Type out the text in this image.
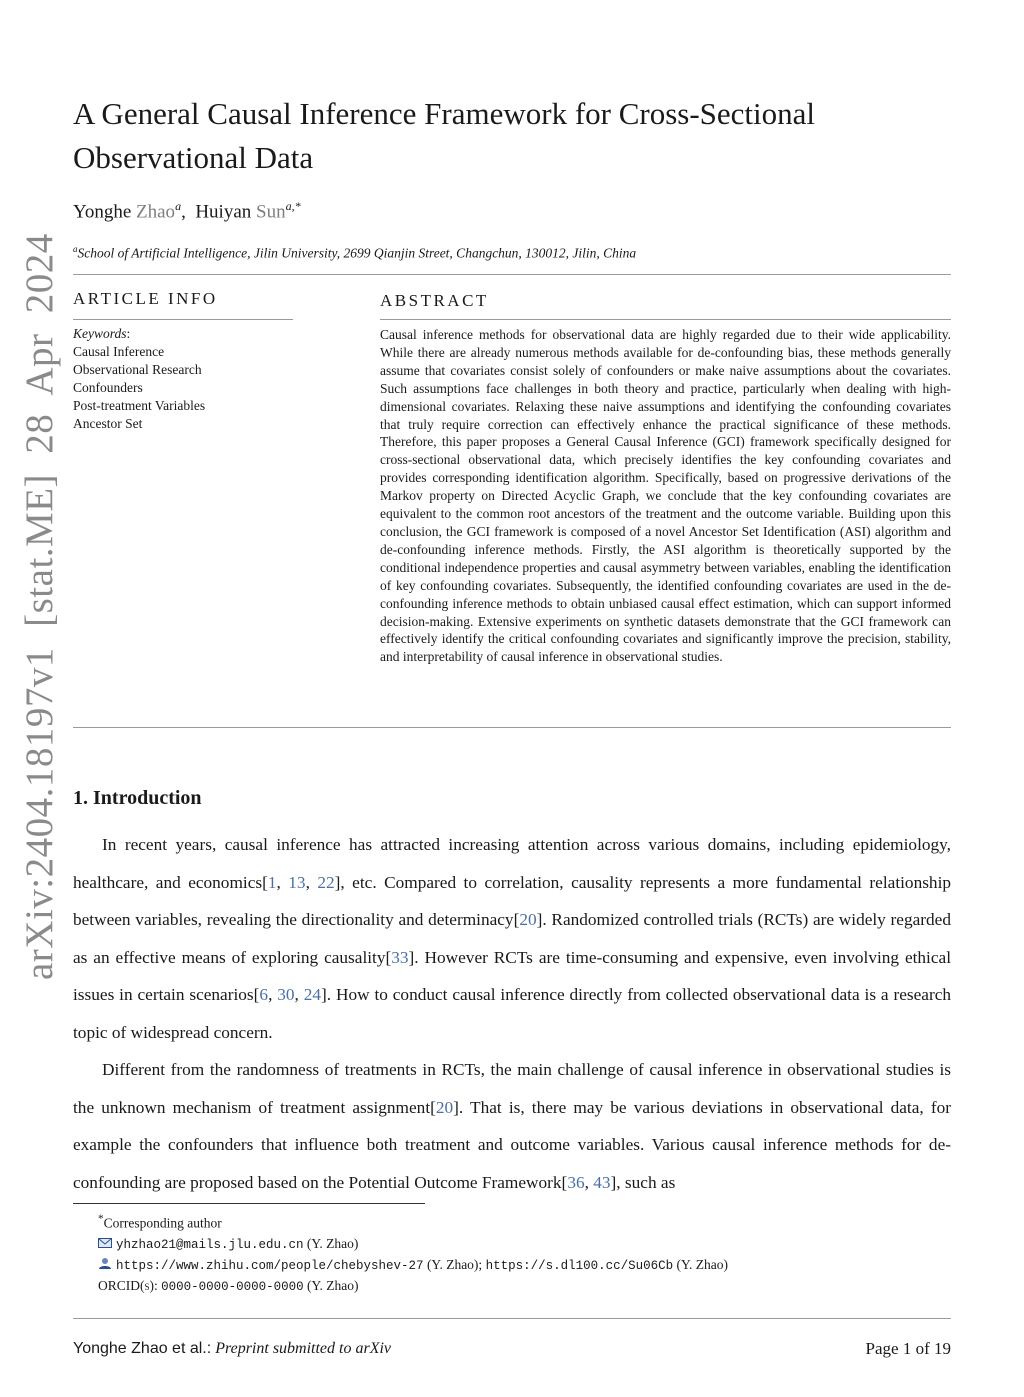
arXiv:2404.18197v1 [stat.ME] 28 Apr 2024
A General Causal Inference Framework for Cross-Sectional Observational Data
Yonghe Zhao$^a$,  Huiyan Sun$^{a,*}$
$^a$School of Artificial Intelligence, Jilin University, 2699 Qianjin Street, Changchun, 130012, Jilin, China
ARTICLE INFO
Keywords:
Causal Inference
Observational Research
Confounders
Post-treatment Variables
Ancestor Set
ABSTRACT
Causal inference methods for observational data are highly regarded due to their wide applicability. While there are already numerous methods available for de-confounding bias, these methods generally assume that covariates consist solely of confounders or make naive assumptions about the covariates. Such assumptions face challenges in both theory and practice, particularly when dealing with high-dimensional covariates. Relaxing these naive assumptions and identifying the confounding covariates that truly require correction can effectively enhance the practical significance of these methods. Therefore, this paper proposes a General Causal Inference (GCI) framework specifically designed for cross-sectional observational data, which precisely identifies the key confounding covariates and provides corresponding identification algorithm. Specifically, based on progressive derivations of the Markov property on Directed Acyclic Graph, we conclude that the key confounding covariates are equivalent to the common root ancestors of the treatment and the outcome variable. Building upon this conclusion, the GCI framework is composed of a novel Ancestor Set Identification (ASI) algorithm and de-confounding inference methods. Firstly, the ASI algorithm is theoretically supported by the conditional independence properties and causal asymmetry between variables, enabling the identification of key confounding covariates. Subsequently, the identified confounding covariates are used in the de-confounding inference methods to obtain unbiased causal effect estimation, which can support informed decision-making. Extensive experiments on synthetic datasets demonstrate that the GCI framework can effectively identify the critical confounding covariates and significantly improve the precision, stability, and interpretability of causal inference in observational studies.
1. Introduction
In recent years, causal inference has attracted increasing attention across various domains, including epidemiology, healthcare, and economics[1, 13, 22], etc. Compared to correlation, causality represents a more fundamental relationship between variables, revealing the directionality and determinacy[20]. Randomized controlled trials (RCTs) are widely regarded as an effective means of exploring causality[33]. However RCTs are time-consuming and expensive, even involving ethical issues in certain scenarios[6, 30, 24]. How to conduct causal inference directly from collected observational data is a research topic of widespread concern.
Different from the randomness of treatments in RCTs, the main challenge of causal inference in observational studies is the unknown mechanism of treatment assignment[20]. That is, there may be various deviations in observational data, for example the confounders that influence both treatment and outcome variables. Various causal inference methods for de-confounding are proposed based on the Potential Outcome Framework[36, 43], such as
*Corresponding author
yhzhao21@mails.jlu.edu.cn (Y. Zhao)
https://www.zhihu.com/people/chebyshev-27 (Y. Zhao); https://s.dl100.cc/Su06Cb (Y. Zhao)
ORCID(s): 0000-0000-0000-0000 (Y. Zhao)
Yonghe Zhao et al.: Preprint submitted to arXiv	Page 1 of 19
